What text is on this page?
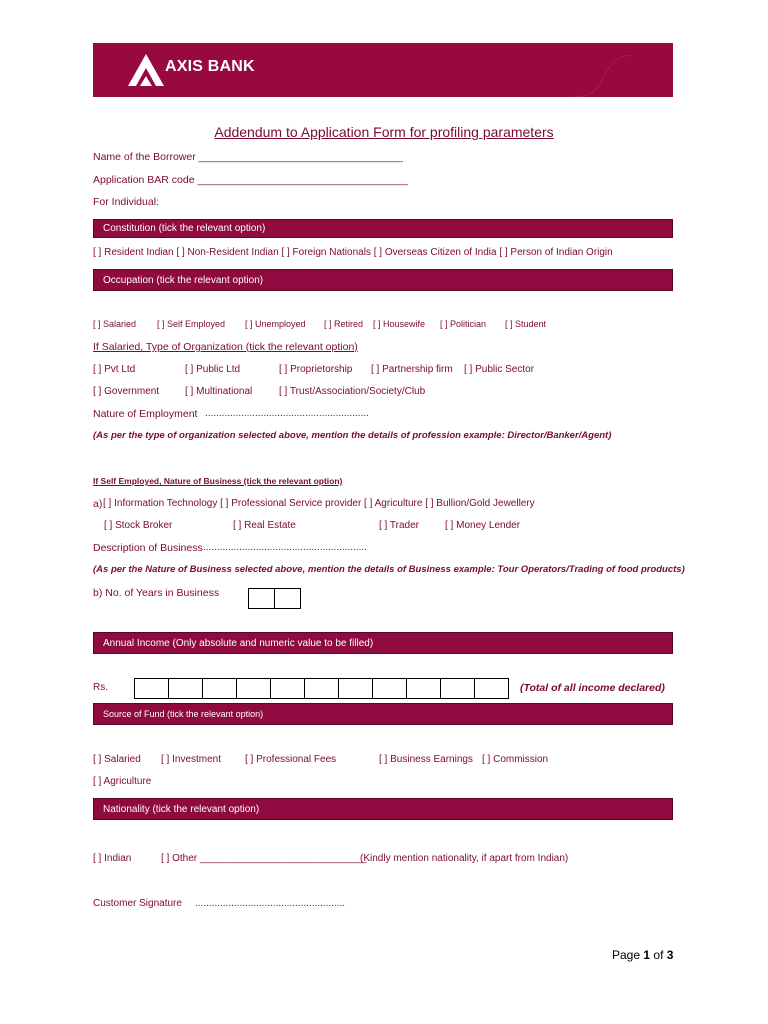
AXIS BANK
Addendum to Application Form for profiling parameters
Name of the Borrower ___________________________________
Application BAR code ____________________________________
For Individual:
Constitution (tick the relevant option)
[ ] Resident Indian [ ] Non-Resident Indian [ ] Foreign Nationals [ ] Overseas Citizen of India [ ] Person of Indian Origin
Occupation (tick the relevant option)
[ ] Salaried [ ] Self Employed [ ] Unemployed [ ] Retired [ ] Housewife [ ] Politician [ ] Student
If Salaried, Type of Organization (tick the relevant option)
[ ] Pvt Ltd	[ ] Public Ltd	[ ] Proprietorship [ ] Partnership firm [ ] Public Sector
[ ] Government	[ ] Multinational	[ ] Trust/Association/Society/Club
Nature of Employment ...........................................................
(As per the type of organization selected above, mention the details of profession example: Director/Banker/Agent)
If Self Employed, Nature of Business (tick the relevant option)
a) [ ] Information Technology [ ] Professional Service provider [ ] Agriculture [ ] Bullion/Gold Jewellery
[ ] Stock Broker	[ ] Real Estate	[ ] Trader	[ ] Money Lender
Description of Business ...........................................................
(As per the Nature of Business selected above, mention the details of Business example: Tour Operators/Trading of food products)
b) No. of Years in Business
Annual Income (Only absolute and numeric value to be filled)
Rs.	(Total of all income declared)
Source of Fund (tick the relevant option)
[ ] Salaried [ ] Investment [ ] Professional Fees	[ ] Business Earnings [ ] Commission
[ ] Agriculture
Nationality (tick the relevant option)
[ ] Indian	[ ] Other ______________________________
(Kindly mention nationality, if apart from Indian)
Customer Signature ......................................................
Page 1 of 3
